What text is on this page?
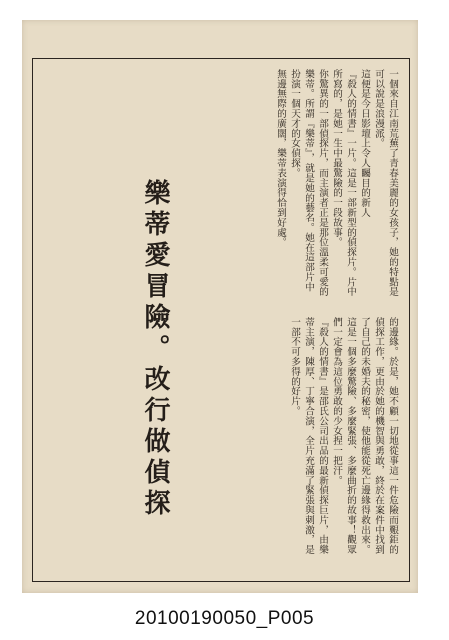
一個來自江南荒蕪了青春美麗的女孩子，她的特點是可以說是浪漫派。

這便是今日影壇上令人矚目的新人

『殺人的情書』一片。這是一部新型的偵探片。片中所寫的，是她一生中最驚險的一段故事。

你驚異的一部偵探片，而主演者正是那位溫柔可愛的樂蒂。所謂『樂蒂』，就是她的藝名。她在這部片中扮演一個天才的女偵探。

無邊無際的廣闊，樂蒂表演得恰到好處。

樂蒂愛冒險。改行做偵探	的邊緣。於是，她不顧一切地從事這一件危險而艱鉅的偵探工作，更由於她的機智與勇敢，終於在案件中找到了自己的未婚夫的秘密，使他能從死亡邊緣得救出來。

這是一個多麼驚險、多麼緊張、多麼曲折的故事！觀眾們一定會為這位勇敢的少女捏一把汗。

『殺人的情書』是邵氏公司出品的最新偵探巨片，由樂蒂主演，陳厚、丁寧合演，全片充滿了緊張與刺激，是一部不可多得的好片。

20100190050_P005
